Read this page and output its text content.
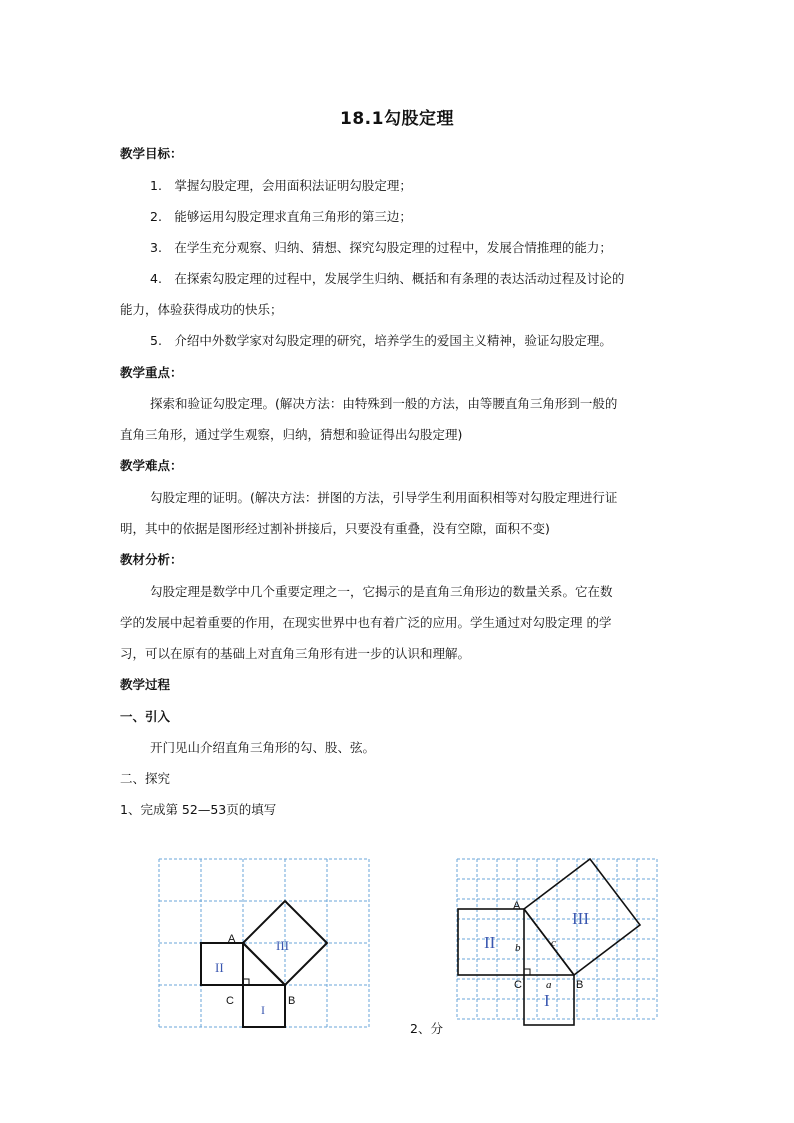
18.1勾股定理

教学目标：

1.　掌握勾股定理，会用面积法证明勾股定理；

2.　能够运用勾股定理求直角三角形的第三边；

3.　在学生充分观察、归纳、猜想、探究勾股定理的过程中，发展合情推理的能力；

4.　在探索勾股定理的过程中，发展学生归纳、概括和有条理的表达活动过程及讨论的

能力，体验获得成功的快乐；

5.　介绍中外数学家对勾股定理的研究，培养学生的爱国主义精神，验证勾股定理。

教学重点：

探索和验证勾股定理。(解决方法：由特殊到一般的方法，由等腰直角三角形到一般的

直角三角形，通过学生观察，归纳，猜想和验证得出勾股定理)

教学难点：

勾股定理的证明。(解决方法：拼图的方法，引导学生利用面积相等对勾股定理进行证

明，其中的依据是图形经过割补拼接后，只要没有重叠，没有空隙，面积不变)

教材分析：

勾股定理是数学中几个重要定理之一，它揭示的是直角三角形边的数量关系。它在数

学的发展中起着重要的作用，在现实世界中也有着广泛的应用。学生通过对勾股定理 的学

习，可以在原有的基础上对直角三角形有进一步的认识和理解。

教学过程

一、引入

开门见山介绍直角三角形的勾、股、弦。

二、探究

1、完成第 52—53页的填写

A
B
C
II
I
III
A
B
C a
b	c
II
I
III

2、分
